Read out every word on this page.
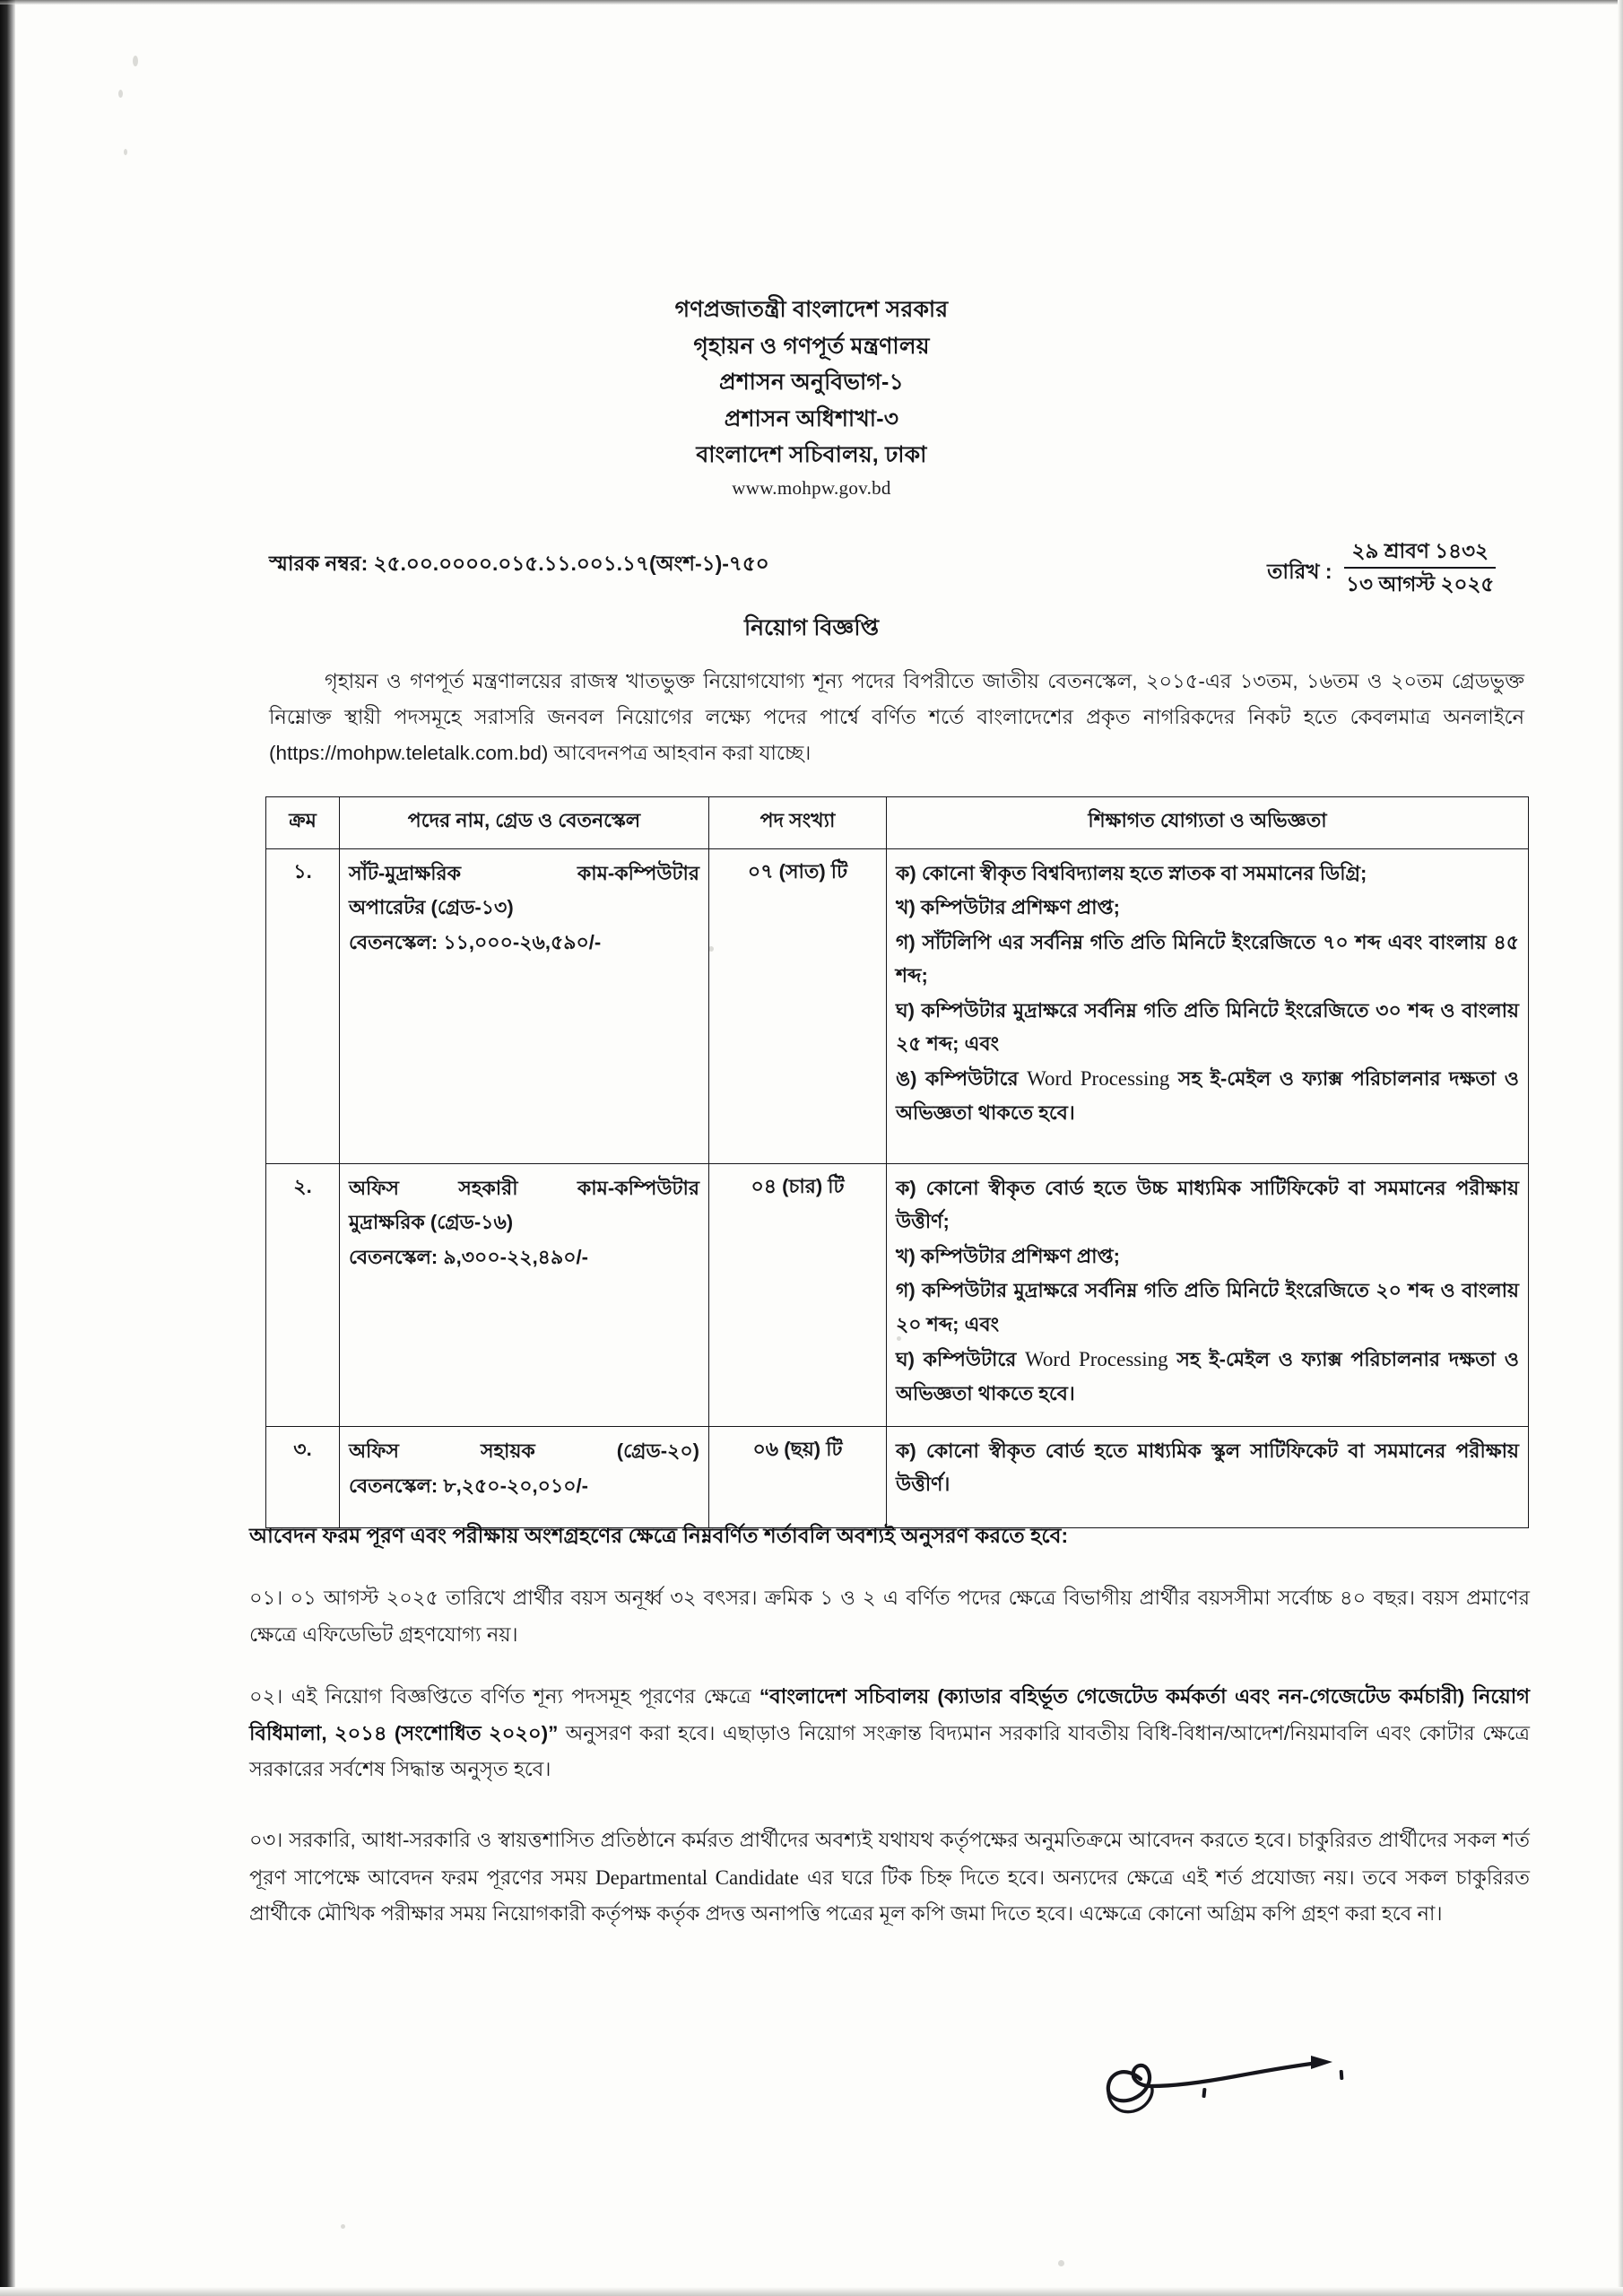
গণপ্রজাতন্ত্রী বাংলাদেশ সরকার
গৃহায়ন ও গণপূর্ত মন্ত্রণালয়
প্রশাসন অনুবিভাগ-১
প্রশাসন অধিশাখা-৩
বাংলাদেশ সচিবালয়, ঢাকা
www.mohpw.gov.bd
স্মারক নম্বর: ২৫.০০.০০০০.০১৫.১১.০০১.১৭(অংশ-১)-৭৫০	তারিখ :
২৯ শ্রাবণ ১৪৩২
১৩ আগস্ট ২০২৫
নিয়োগ বিজ্ঞপ্তি
গৃহায়ন ও গণপূর্ত মন্ত্রণালয়ের রাজস্ব খাতভুক্ত নিয়োগযোগ্য শূন্য পদের বিপরীতে জাতীয় বেতনস্কেল, ২০১৫-এর ১৩তম, ১৬তম ও ২০তম গ্রেডভুক্ত নিম্নোক্ত স্থায়ী পদসমূহে সরাসরি জনবল নিয়োগের লক্ষ্যে পদের পার্শ্বে বর্ণিত শর্তে বাংলাদেশের প্রকৃত নাগরিকদের নিকট হতে কেবলমাত্র অনলাইনে (https://mohpw.teletalk.com.bd) আবেদনপত্র আহবান করা যাচ্ছে।
ক্রম	পদের নাম, গ্রেড ও বেতনস্কেল	পদ সংখ্যা	শিক্ষাগত যোগ্যতা ও অভিজ্ঞতা
১.	সাঁট-মুদ্রাক্ষরিক কাম-কম্পিউটার
অপারেটর (গ্রেড-১৩)
বেতনস্কেল: ১১,০০০-২৬,৫৯০/-
	০৭ (সাত) টি	ক) কোনো স্বীকৃত বিশ্ববিদ্যালয় হতে স্নাতক বা সমমানের ডিগ্রি;
খ) কম্পিউটার প্রশিক্ষণ প্রাপ্ত;
গ) সাঁটলিপি এর সর্বনিম্ন গতি প্রতি মিনিটে ইংরেজিতে ৭০ শব্দ এবং বাংলায় ৪৫ শব্দ;
ঘ) কম্পিউটার মুদ্রাক্ষরে সর্বনিম্ন গতি প্রতি মিনিটে ইংরেজিতে ৩০ শব্দ ও বাংলায় ২৫ শব্দ; এবং
ঙ) কম্পিউটারে Word Processing সহ ই-মেইল ও ফ্যাক্স পরিচালনার দক্ষতা ও অভিজ্ঞতা থাকতে হবে।

২.	অফিস সহকারী কাম-কম্পিউটার
মুদ্রাক্ষরিক (গ্রেড-১৬)
বেতনস্কেল: ৯,৩০০-২২,৪৯০/-
	০৪ (চার) টি	ক) কোনো স্বীকৃত বোর্ড হতে উচ্চ মাধ্যমিক সাটিফিকেট বা সমমানের পরীক্ষায় উত্তীর্ণ;
খ) কম্পিউটার প্রশিক্ষণ প্রাপ্ত;
গ) কম্পিউটার মুদ্রাক্ষরে সর্বনিম্ন গতি প্রতি মিনিটে ইংরেজিতে ২০ শব্দ ও বাংলায় ২০ শব্দ; এবং
ঘ) কম্পিউটারে Word Processing সহ ই-মেইল ও ফ্যাক্স পরিচালনার দক্ষতা ও অভিজ্ঞতা থাকতে হবে।

৩.	অফিস সহায়ক (গ্রেড-২০)
বেতনস্কেল: ৮,২৫০-২০,০১০/-	০৬ (ছয়) টি	ক) কোনো স্বীকৃত বোর্ড হতে মাধ্যমিক স্কুল সাটিফিকেট বা সমমানের পরীক্ষায় উত্তীর্ণ।
আবেদন ফরম পূরণ এবং পরীক্ষায় অংশগ্রহণের ক্ষেত্রে নিম্নবর্ণিত শর্তাবলি অবশ্যই অনুসরণ করতে হবে:
০১। ০১ আগস্ট ২০২৫ তারিখে প্রার্থীর বয়স অনূর্ধ্ব ৩২ বৎসর। ক্রমিক ১ ও ২ এ বর্ণিত পদের ক্ষেত্রে বিভাগীয় প্রার্থীর বয়সসীমা সর্বোচ্চ ৪০ বছর। বয়স প্রমাণের ক্ষেত্রে এফিডেভিট গ্রহণযোগ্য নয়।
০২। এই নিয়োগ বিজ্ঞপ্তিতে বর্ণিত শূন্য পদসমূহ পূরণের ক্ষেত্রে “বাংলাদেশ সচিবালয় (ক্যাডার বহির্ভূত গেজেটেড কর্মকর্তা এবং নন-গেজেটেড কর্মচারী) নিয়োগ বিধিমালা, ২০১৪ (সংশোধিত ২০২০)” অনুসরণ করা হবে। এছাড়াও নিয়োগ সংক্রান্ত বিদ্যমান সরকারি যাবতীয় বিধি-বিধান/আদেশ/নিয়মাবলি এবং কোটার ক্ষেত্রে সরকারের সর্বশেষ সিদ্ধান্ত অনুসৃত হবে।
০৩। সরকারি, আধা-সরকারি ও স্বায়ত্তশাসিত প্রতিষ্ঠানে কর্মরত প্রার্থীদের অবশ্যই যথাযথ কর্তৃপক্ষের অনুমতিক্রমে আবেদন করতে হবে। চাকুরিরত প্রার্থীদের সকল শর্ত পূরণ সাপেক্ষে আবেদন ফরম পূরণের সময় Departmental Candidate এর ঘরে টিক চিহ্ন দিতে হবে। অন্যদের ক্ষেত্রে এই শর্ত প্রযোজ্য নয়। তবে সকল চাকুরিরত প্রার্থীকে মৌখিক পরীক্ষার সময় নিয়োগকারী কর্তৃপক্ষ কর্তৃক প্রদত্ত অনাপত্তি পত্রের মূল কপি জমা দিতে হবে। এক্ষেত্রে কোনো অগ্রিম কপি গ্রহণ করা হবে না।
